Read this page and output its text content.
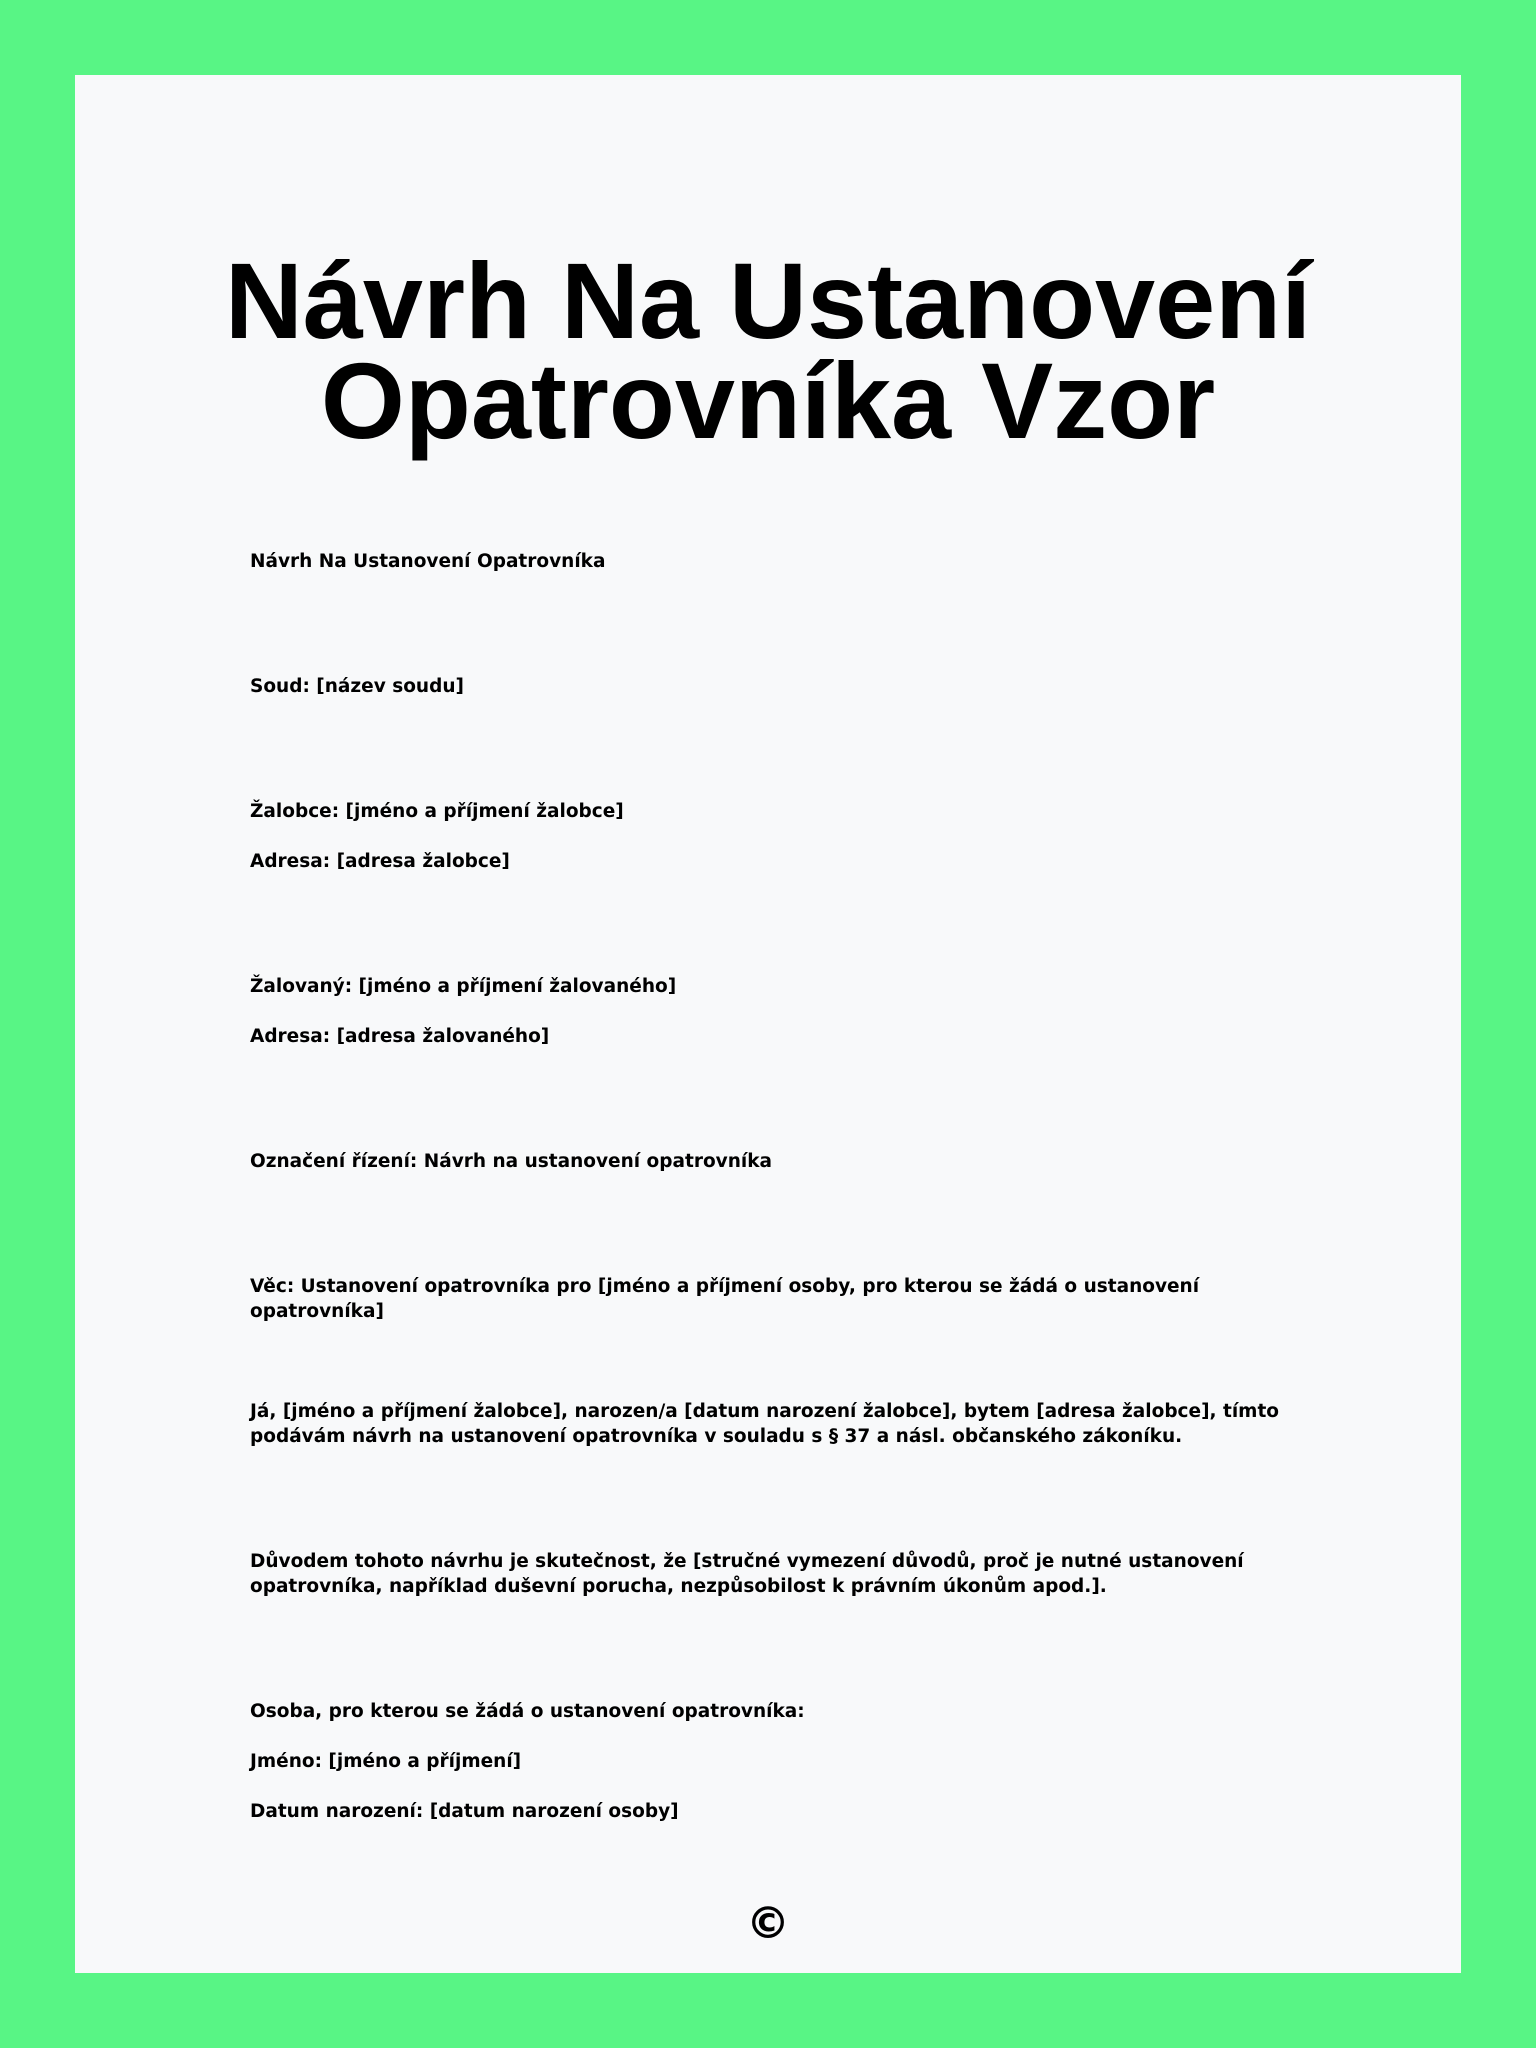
Návrh Na Ustanovení Opatrovníka Vzor

Návrh Na Ustanovení Opatrovníka

Soud: [název soudu]

Žalobce: [jméno a příjmení žalobce]

Adresa: [adresa žalobce]

Žalovaný: [jméno a příjmení žalovaného]

Adresa: [adresa žalovaného]

Označení řízení: Návrh na ustanovení opatrovníka

Věc: Ustanovení opatrovníka pro [jméno a příjmení osoby, pro kterou se žádá o ustanovení opatrovníka]

Já, [jméno a příjmení žalobce], narozen/a [datum narození žalobce], bytem [adresa žalobce], tímto podávám návrh na ustanovení opatrovníka v souladu s § 37 a násl. občanského zákoníku.

Důvodem tohoto návrhu je skutečnost, že [stručné vymezení důvodů, proč je nutné ustanovení opatrovníka, například duševní porucha, nezpůsobilost k právním úkonům apod.].

Osoba, pro kterou se žádá o ustanovení opatrovníka:

Jméno: [jméno a příjmení]

Datum narození: [datum narození osoby]

©
